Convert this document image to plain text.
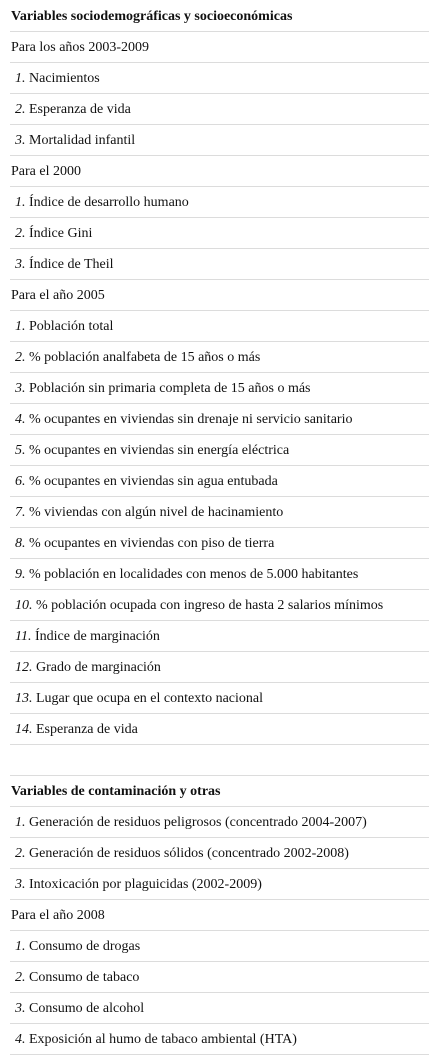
Variables sociodemográficas y socioeconómicas
Para los años 2003-2009
1. Nacimientos
2. Esperanza de vida
3. Mortalidad infantil
Para el 2000
1. Índice de desarrollo humano
2. Índice Gini
3. Índice de Theil
Para el año 2005
1. Población total
2. % población analfabeta de 15 años o más
3. Población sin primaria completa de 15 años o más
4. % ocupantes en viviendas sin drenaje ni servicio sanitario
5. % ocupantes en viviendas sin energía eléctrica
6. % ocupantes en viviendas sin agua entubada
7. % viviendas con algún nivel de hacinamiento
8. % ocupantes en viviendas con piso de tierra
9. % población en localidades con menos de 5.000 habitantes
10. % población ocupada con ingreso de hasta 2 salarios mínimos
11. Índice de marginación
12. Grado de marginación
13. Lugar que ocupa en el contexto nacional
14. Esperanza de vida
Variables de contaminación y otras
1. Generación de residuos peligrosos (concentrado 2004-2007)
2. Generación de residuos sólidos (concentrado 2002-2008)
3. Intoxicación por plaguicidas (2002-2009)
Para el año 2008
1. Consumo de drogas
2. Consumo de tabaco
3. Consumo de alcohol
4. Exposición al humo de tabaco ambiental (HTA)
